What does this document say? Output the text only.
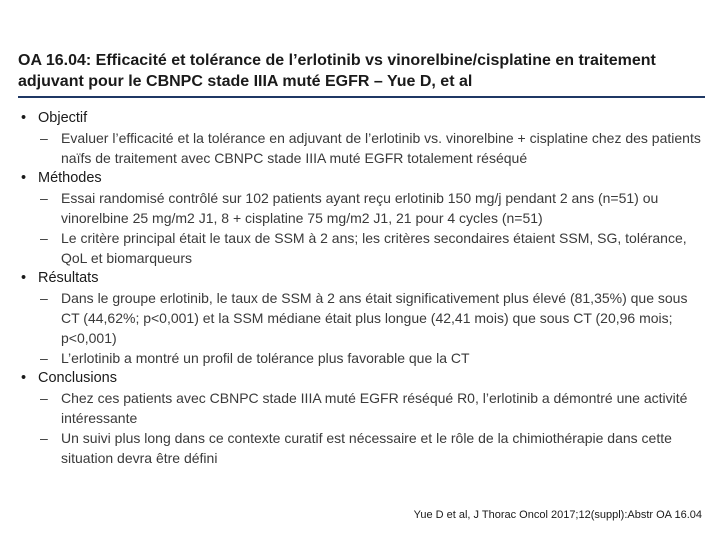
OA 16.04: Efficacité et tolérance de l’erlotinib vs vinorelbine/cisplatine en traitement adjuvant pour le CBNPC stade IIIA muté EGFR – Yue D, et al
• Objectif
– Evaluer l’efficacité et la tolérance en adjuvant de l’erlotinib vs. vinorelbine + cisplatine chez des patients naïfs de traitement avec CBNPC stade IIIA muté EGFR totalement réséqué
• Méthodes
– Essai randomisé contrôlé sur 102 patients ayant reçu erlotinib 150 mg/j pendant 2 ans (n=51) ou vinorelbine 25 mg/m2 J1, 8 + cisplatine 75 mg/m2 J1, 21 pour 4 cycles (n=51)
– Le critère principal était le taux de SSM à 2 ans; les critères secondaires étaient SSM, SG, tolérance, QoL et biomarqueurs
• Résultats
– Dans le groupe erlotinib, le taux de SSM à 2 ans était significativement plus élevé (81,35%) que sous CT (44,62%; p<0,001) et la SSM médiane était plus longue (42,41 mois) que sous CT (20,96 mois; p<0,001)
– L’erlotinib a montré un profil de tolérance plus favorable que la CT
• Conclusions
– Chez ces patients avec CBNPC stade IIIA muté EGFR réséqué R0, l’erlotinib a démontré une activité intéressante
– Un suivi plus long dans ce contexte curatif est nécessaire et le rôle de la chimiothérapie dans cette situation devra être défini
Yue D et al, J Thorac Oncol 2017;12(suppl):Abstr OA 16.04
